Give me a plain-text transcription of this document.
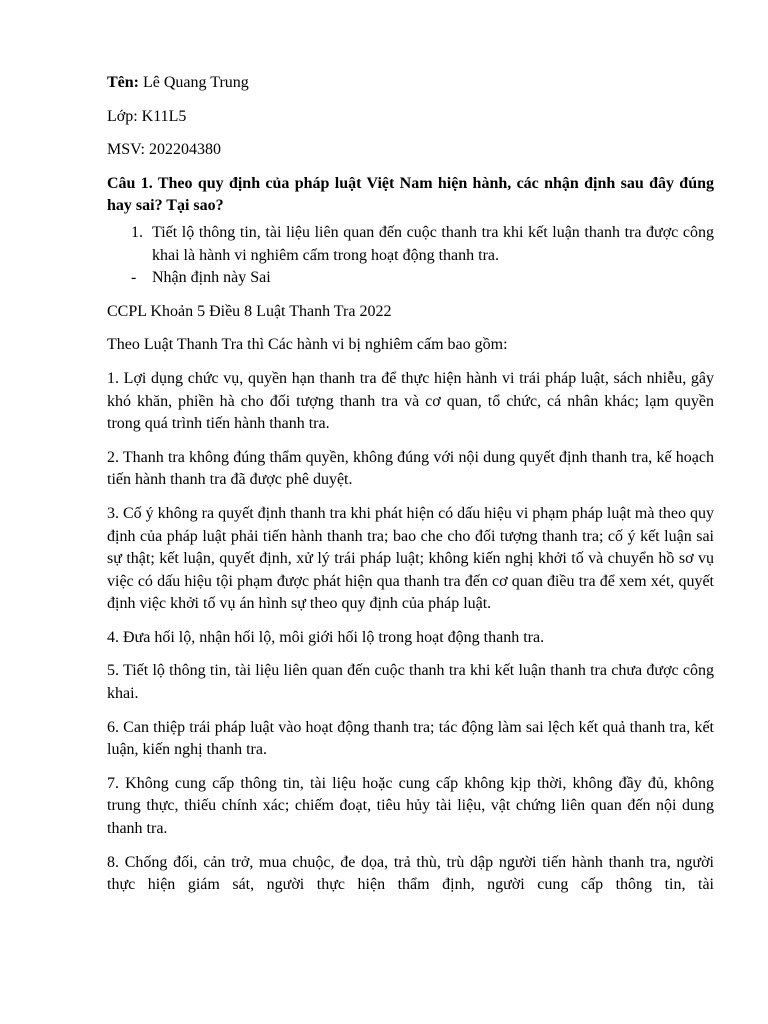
Tên: Lê Quang Trung

Lớp: K11L5

MSV: 202204380

Câu 1. Theo quy định của pháp luật Việt Nam hiện hành, các nhận định sau đây đúng hay sai? Tại sao?

1. Tiết lộ thông tin, tài liệu liên quan đến cuộc thanh tra khi kết luận thanh tra được công khai là hành vi nghiêm cấm trong hoạt động thanh tra.
- Nhận định này Sai

CCPL Khoản 5 Điều 8 Luật Thanh Tra 2022

Theo Luật Thanh Tra thì Các hành vi bị nghiêm cấm bao gồm:

1. Lợi dụng chức vụ, quyền hạn thanh tra để thực hiện hành vi trái pháp luật, sách nhiễu, gây khó khăn, phiền hà cho đối tượng thanh tra và cơ quan, tổ chức, cá nhân khác; lạm quyền trong quá trình tiến hành thanh tra.

2. Thanh tra không đúng thẩm quyền, không đúng với nội dung quyết định thanh tra, kế hoạch tiến hành thanh tra đã được phê duyệt.

3. Cố ý không ra quyết định thanh tra khi phát hiện có dấu hiệu vi phạm pháp luật mà theo quy định của pháp luật phải tiến hành thanh tra; bao che cho đối tượng thanh tra; cố ý kết luận sai sự thật; kết luận, quyết định, xử lý trái pháp luật; không kiến nghị khởi tố và chuyển hồ sơ vụ việc có dấu hiệu tội phạm được phát hiện qua thanh tra đến cơ quan điều tra để xem xét, quyết định việc khởi tố vụ án hình sự theo quy định của pháp luật.

4. Đưa hối lộ, nhận hối lộ, môi giới hối lộ trong hoạt động thanh tra.

5. Tiết lộ thông tin, tài liệu liên quan đến cuộc thanh tra khi kết luận thanh tra chưa được công khai.

6. Can thiệp trái pháp luật vào hoạt động thanh tra; tác động làm sai lệch kết quả thanh tra, kết luận, kiến nghị thanh tra.

7. Không cung cấp thông tin, tài liệu hoặc cung cấp không kịp thời, không đầy đủ, không trung thực, thiếu chính xác; chiếm đoạt, tiêu hủy tài liệu, vật chứng liên quan đến nội dung thanh tra.

8. Chống đối, cản trở, mua chuộc, đe dọa, trả thù, trù dập người tiến hành thanh tra, người thực hiện giám sát, người thực hiện thẩm định, người cung cấp thông tin, tài
